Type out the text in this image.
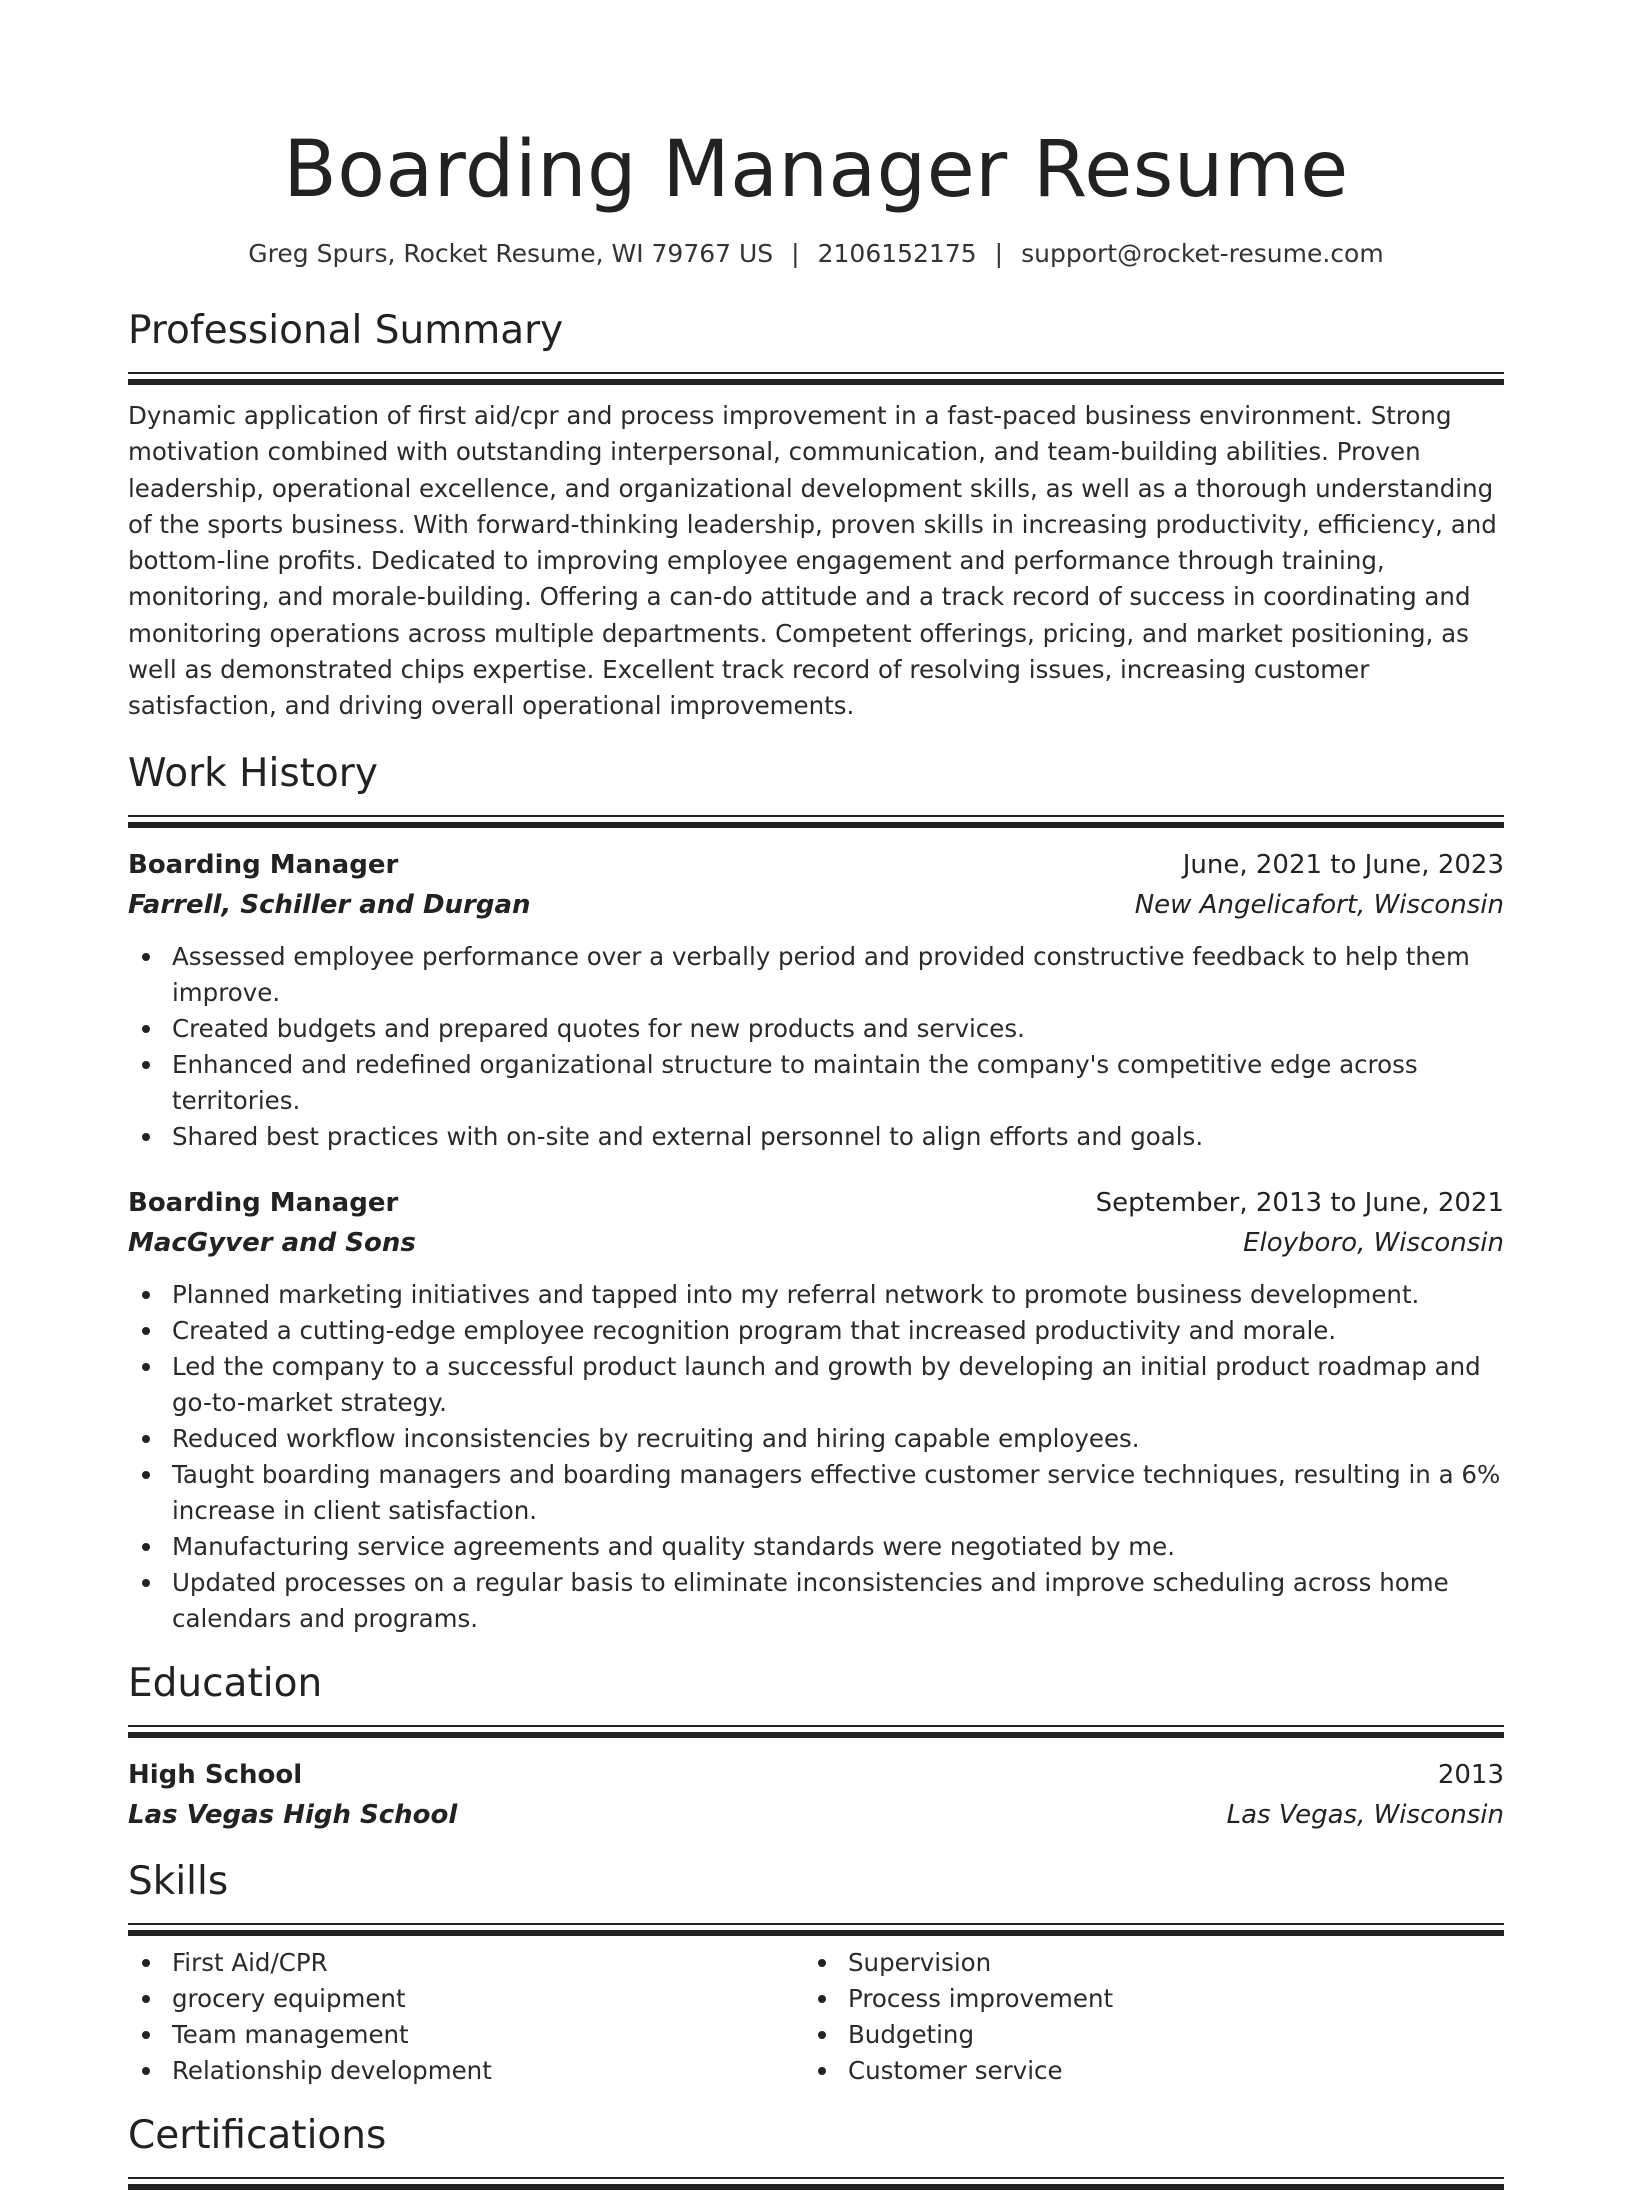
Boarding Manager Resume
Greg Spurs, Rocket Resume, WI 79767 US | 2106152175 | support@rocket-resume.com
Professional Summary

Dynamic application of first aid/cpr and process improvement in a fast-paced business environment. Strong motivation combined with outstanding interpersonal, communication, and team-building abilities. Proven leadership, operational excellence, and organizational development skills, as well as a thorough understanding of the sports business. With forward-thinking leadership, proven skills in increasing productivity, efficiency, and bottom-line profits. Dedicated to improving employee engagement and performance through training, monitoring, and morale-building. Offering a can-do attitude and a track record of success in coordinating and monitoring operations across multiple departments. Competent offerings, pricing, and market positioning, as well as demonstrated chips expertise. Excellent track record of resolving issues, increasing customer satisfaction, and driving overall operational improvements.

Work History
Boarding Manager	June, 2021 to June, 2023
Farrell, Schiller and Durgan	New Angelicafort, Wisconsin
Assessed employee performance over a verbally period and provided constructive feedback to help them improve.
Created budgets and prepared quotes for new products and services.
Enhanced and redefined organizational structure to maintain the company's competitive edge across territories.
Shared best practices with on-site and external personnel to align efforts and goals.
Boarding Manager	September, 2013 to June, 2021
MacGyver and Sons	Eloyboro, Wisconsin
Planned marketing initiatives and tapped into my referral network to promote business development.
Created a cutting-edge employee recognition program that increased productivity and morale.
Led the company to a successful product launch and growth by developing an initial product roadmap and go-to-market strategy.
Reduced workflow inconsistencies by recruiting and hiring capable employees.
Taught boarding managers and boarding managers effective customer service techniques, resulting in a 6% increase in client satisfaction.
Manufacturing service agreements and quality standards were negotiated by me.
Updated processes on a regular basis to eliminate inconsistencies and improve scheduling across home calendars and programs.
Education
High School	2013
Las Vegas High School	Las Vegas, Wisconsin
Skills
First Aid/CPR
grocery equipment
Team management
Relationship development
Supervision
Process improvement
Budgeting
Customer service
Certifications
